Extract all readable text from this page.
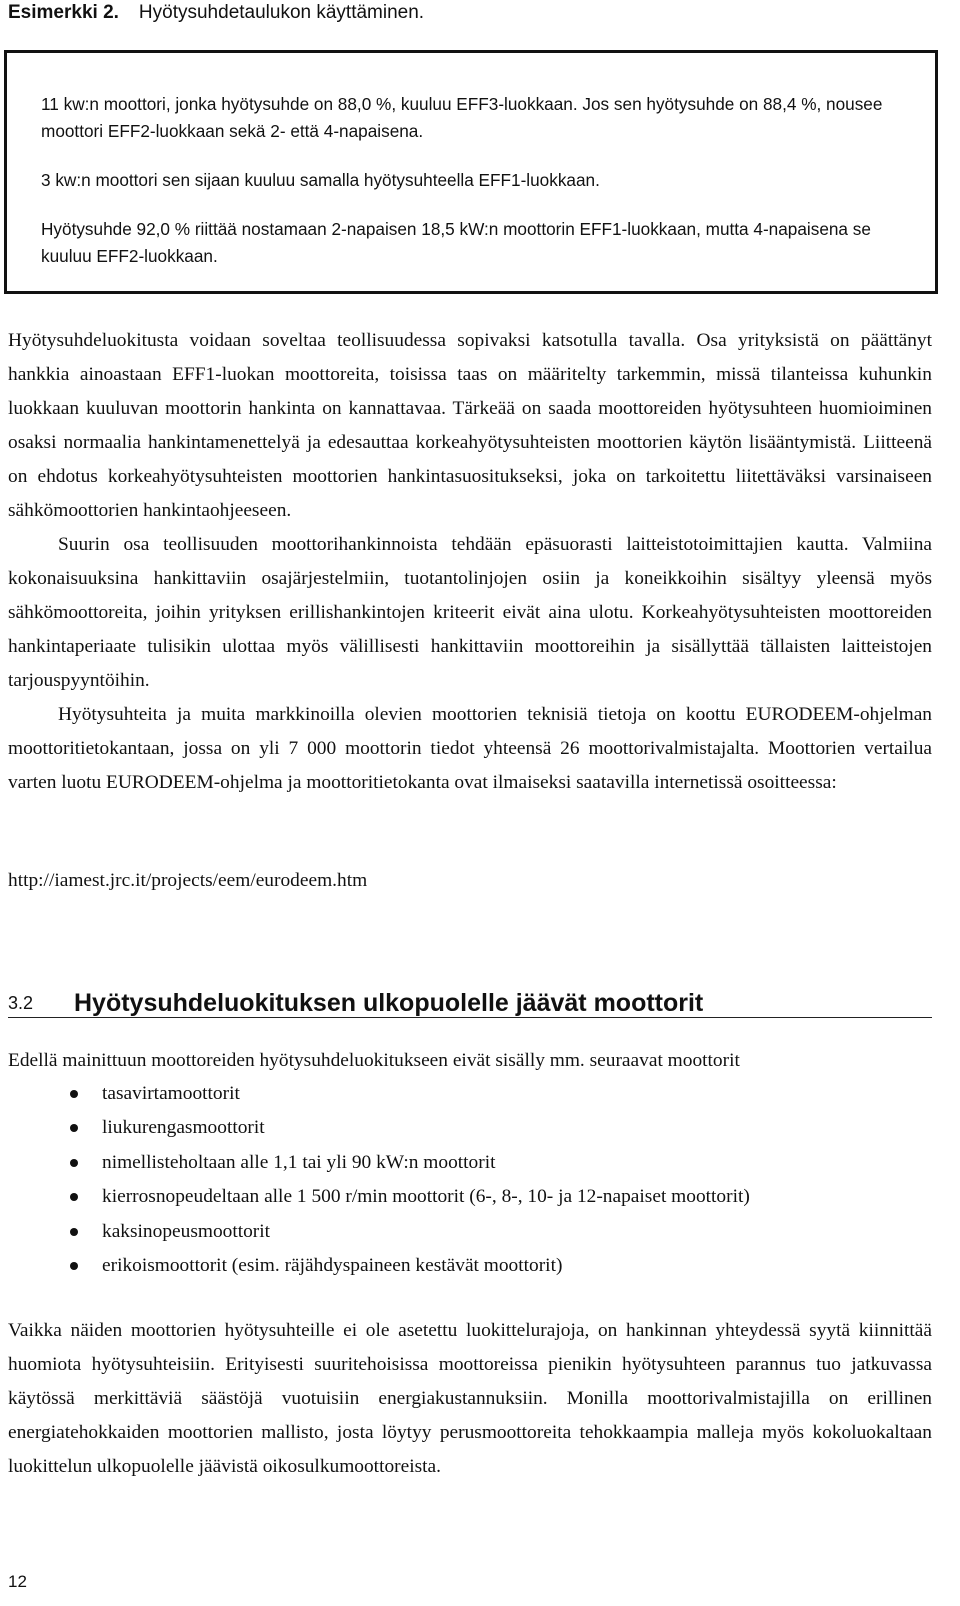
Esimerkki 2. Hyötysuhdetaulukon käyttäminen.

11 kw:n moottori, jonka hyötysuhde on 88,0 %, kuuluu EFF3-luokkaan. Jos sen hyötysuhde on 88,4 %, nousee moottori EFF2-luokkaan sekä 2- että 4-napaisena.

3 kw:n moottori sen sijaan kuuluu samalla hyötysuhteella EFF1-luokkaan.

Hyötysuhde 92,0 % riittää nostamaan 2-napaisen 18,5 kW:n moottorin EFF1-luokkaan, mutta 4-napaisena se kuuluu EFF2-luokkaan.

Hyötysuhdeluokitusta voidaan soveltaa teollisuudessa sopivaksi katsotulla tavalla. Osa yrityksistä on päättänyt hankkia ainoastaan EFF1-luokan moottoreita, toisissa taas on määritelty tarkemmin, missä tilanteissa kuhunkin luokkaan kuuluvan moottorin hankinta on kannattavaa. Tärkeää on saada moottoreiden hyötysuhteen huomioiminen osaksi normaalia hankintamenettelyä ja edesauttaa korkeahyötysuhteisten moottorien käytön lisääntymistä. Liitteenä on ehdotus korkeahyötysuhteisten moottorien hankintasuositukseksi, joka on tarkoitettu liitettäväksi varsinaiseen sähkömoottorien hankintaohjeeseen.

Suurin osa teollisuuden moottorihankinnoista tehdään epäsuorasti laitteistotoimittajien kautta. Valmiina kokonaisuuksina hankittaviin osajärjestelmiin, tuotantolinjojen osiin ja koneikkoihin sisältyy yleensä myös sähkömoottoreita, joihin yrityksen erillishankintojen kriteerit eivät aina ulotu. Korkeahyötysuhteisten moottoreiden hankintaperiaate tulisikin ulottaa myös välillisesti hankittaviin moottoreihin ja sisällyttää tällaisten laitteistojen tarjouspyyntöihin.

Hyötysuhteita ja muita markkinoilla olevien moottorien teknisiä tietoja on koottu EURODEEM-ohjelman moottoritietokantaan, jossa on yli 7 000 moottorin tiedot yhteensä 26 moottorivalmistajalta. Moottorien vertailua varten luotu EURODEEM-ohjelma ja moottoritietokanta ovat ilmaiseksi saatavilla internetissä osoitteessa:

http://iamest.jrc.it/projects/eem/eurodeem.htm
3.2 Hyötysuhdeluokituksen ulkopuolelle jäävät moottorit
Edellä mainittuun moottoreiden hyötysuhdeluokitukseen eivät sisälly mm. seuraavat moottorit
tasavirtamoottorit
liukurengasmoottorit
nimellisteholtaan alle 1,1 tai yli 90 kW:n moottorit
kierrosnopeudeltaan alle 1 500 r/min moottorit (6-, 8-, 10- ja 12-napaiset moottorit)
kaksinopeusmoottorit
erikoismoottorit (esim. räjähdyspaineen kestävät moottorit)

Vaikka näiden moottorien hyötysuhteille ei ole asetettu luokittelurajoja, on hankinnan yhteydessä syytä kiinnittää huomiota hyötysuhteisiin. Erityisesti suuritehoisissa moottoreissa pienikin hyötysuhteen parannus tuo jatkuvassa käytössä merkittäviä säästöjä vuotuisiin energiakustannuksiin. Monilla moottorivalmistajilla on erillinen energiatehokkaiden moottorien mallisto, josta löytyy perusmoottoreita tehokkaampia malleja myös kokoluokaltaan luokittelun ulkopuolelle jäävistä oikosulkumoottoreista.

12
